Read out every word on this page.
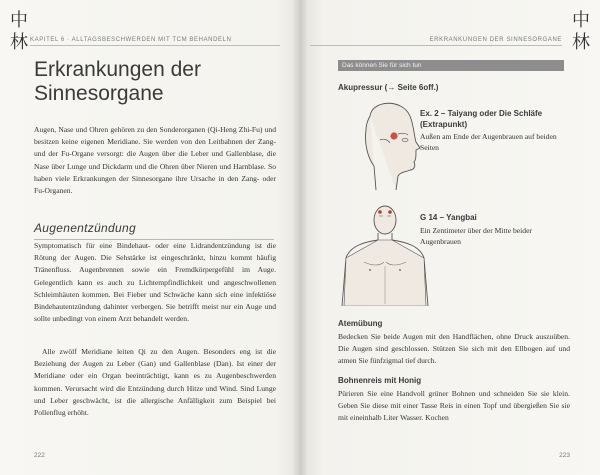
中林 KAPITEL 6 · ALLTAGSBESCHWERDEN MIT TCM BEHANDELN
Erkrankungen der Sinnesorgane

Augen, Nase und Ohren gehören zu den Sonderorganen (Qi-Heng Zhi-Fu) und besitzen keine eigenen Meridiane. Sie werden von den Leitbahnen der Zang- und der Fu-Organe versorgt: die Augen über die Leber und Gallenblase, die Nase über Lunge und Dickdarm und die Ohren über Nieren und Harnblase. So haben viele Erkrankungen der Sinnesorgane ihre Ursache in den Zang- oder Fu-Organen.

Augenentzündung

Symptomatisch für eine Bindehaut- oder eine Lidrandentzündung ist die Rötung der Augen. Die Sehstärke ist eingeschränkt, hinzu kommt häufig Tränenfluss. Augenbrennen sowie ein Fremdkörpergefühl im Auge. Gelegentlich kann es auch zu Lichtempfindlichkeit und angeschwollenen Schleimhäuten kommen. Bei Fieber und Schwäche kann sich eine infektiöse Bindehautentzündung dahinter verbergen. Sie betrifft meist nur ein Auge und sollte unbedingt von einem Arzt behandelt werden.

Alle zwölf Meridiane leiten Qi zu den Augen. Besonders eng ist die Beziehung der Augen zu Leber (Gan) und Gallenblase (Dan). Ist einer der Meridiane oder ein Organ beeinträchtigt, kann es zu Augenbeschwerden kommen. Verursacht wird die Entzündung durch Hitze und Wind. Sind Lunge und Leber geschwächt, ist die allergische Anfälligkeit zum Beispiel bei Pollenflug erhöht.

222
中林
ERKRANKUNGEN DER SINNESORGANE
Das können Sie für sich tun
Akupressur (→ Seite 6off.)
Ex. 2 – Taiyang oder Die Schläfe (Extrapunkt)
Außen am Ende der Augenbrauen auf beiden Seiten
G 14 – Yangbai
Ein Zentimeter über der Mitte beider Augenbrauen
Atemübung

Bedecken Sie beide Augen mit den Handflächen, ohne Druck auszuüben. Die Augen sind geschlossen. Stützen Sie sich mit den Ellbogen auf und atmen Sie fünfzigmal tief durch.

Bohnenreis mit Honig

Pürieren Sie eine Handvoll grüner Bohnen und schneiden Sie sie klein. Geben Sie diese mit einer Tasse Reis in einen Topf und übergießen Sie sie mit eineinhalb Liter Wasser. Kochen

223
